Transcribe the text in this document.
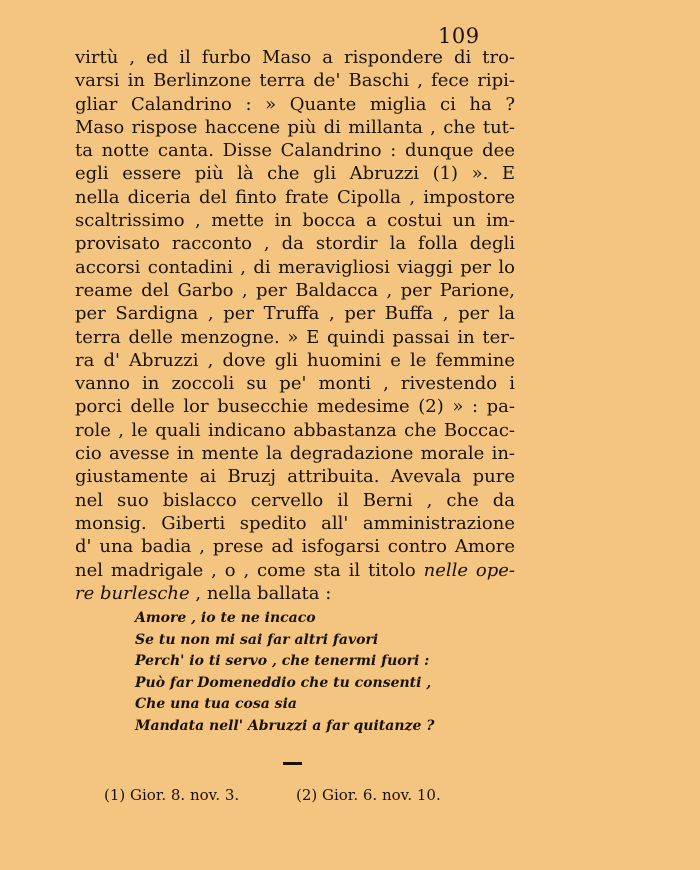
109
virtù , ed il furbo Maso a rispondere di tro-
varsi in Berlinzone terra de' Baschi , fece ripi-
gliar Calandrino : » Quante miglia ci ha ?
Maso rispose haccene più di millanta , che tut-
ta notte canta. Disse Calandrino : dunque dee
egli essere più là che gli Abruzzi (1) ». E
nella diceria del finto frate Cipolla , impostore
scaltrissimo , mette in bocca a costui un im-
provisato racconto , da stordir la folla degli
accorsi contadini , di meravigliosi viaggi per lo
reame del Garbo , per Baldacca , per Parione,
per Sardigna , per Truffa , per Buffa , per la
terra delle menzogne. » E quindi passai in ter-
ra d' Abruzzi , dove gli huomini e le femmine
vanno in zoccoli su pe' monti , rivestendo i
porci delle lor busecchie medesime (2) » : pa-
role , le quali indicano abbastanza che Boccac-
cio avesse in mente la degradazione morale in-
giustamente ai Bruzj attribuita. Avevala pure
nel suo bislacco cervello il Berni , che da
monsig. Giberti spedito all' amministrazione
d' una badia , prese ad isfogarsi contro Amore
nel madrigale , o , come sta il titolo nelle ope-
re burlesche , nella ballata :
Amore , io te ne incaco
Se tu non mi sai far altri favori
Perch' io ti servo , che tenermi fuori :
Può far Domeneddio che tu consenti ,
Che una tua cosa sia
Mandata nell' Abruzzi a far quitanze ?
(1) Gior. 8. nov. 3.	(2) Gior. 6. nov. 10.
